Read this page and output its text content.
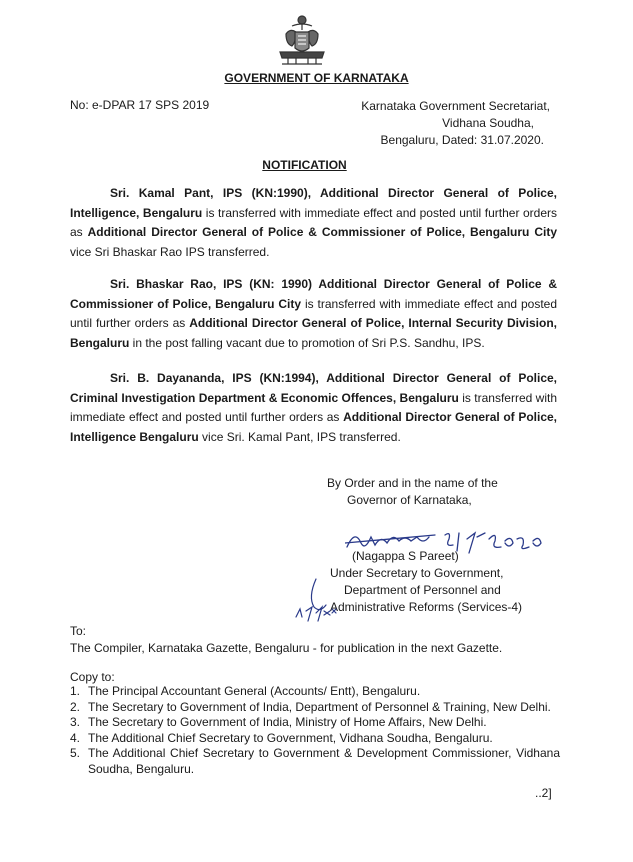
GOVERNMENT OF KARNATAKA
No: e-DPAR 17 SPS 2019	Karnataka Government Secretariat,
Vidhana Soudha,
Bengaluru, Dated: 31.07.2020.
NOTIFICATION

Sri. Kamal Pant, IPS (KN:1990), Additional Director General of Police, Intelligence, Bengaluru is transferred with immediate effect and posted until further orders as Additional Director General of Police & Commissioner of Police, Bengaluru City vice Sri Bhaskar Rao IPS transferred.

Sri. Bhaskar Rao, IPS (KN: 1990) Additional Director General of Police & Commissioner of Police, Bengaluru City is transferred with immediate effect and posted until further orders as Additional Director General of Police, Internal Security Division, Bengaluru in the post falling vacant due to promotion of Sri P.S. Sandhu, IPS.

Sri. B. Dayananda, IPS (KN:1994), Additional Director General of Police, Criminal Investigation Department & Economic Offences, Bengaluru is transferred with immediate effect and posted until further orders as Additional Director General of Police, Intelligence Bengaluru vice Sri. Kamal Pant, IPS transferred.

By Order and in the name of the
Governor of Karnataka,
(Nagappa S Pareet)
Under Secretary to Government,
Department of Personnel and
Administrative Reforms (Services-4)
To:
The Compiler, Karnataka Gazette, Bengaluru - for publication in the next Gazette.
Copy to:
1. The Principal Accountant General (Accounts/ Entt), Bengaluru.
2. The Secretary to Government of India, Department of Personnel & Training, New Delhi.
3. The Secretary to Government of India, Ministry of Home Affairs, New Delhi.
4. The Additional Chief Secretary to Government, Vidhana Soudha, Bengaluru.
5. The Additional Chief Secretary to Government & Development Commissioner, Vidhana Soudha, Bengaluru.
..2]
